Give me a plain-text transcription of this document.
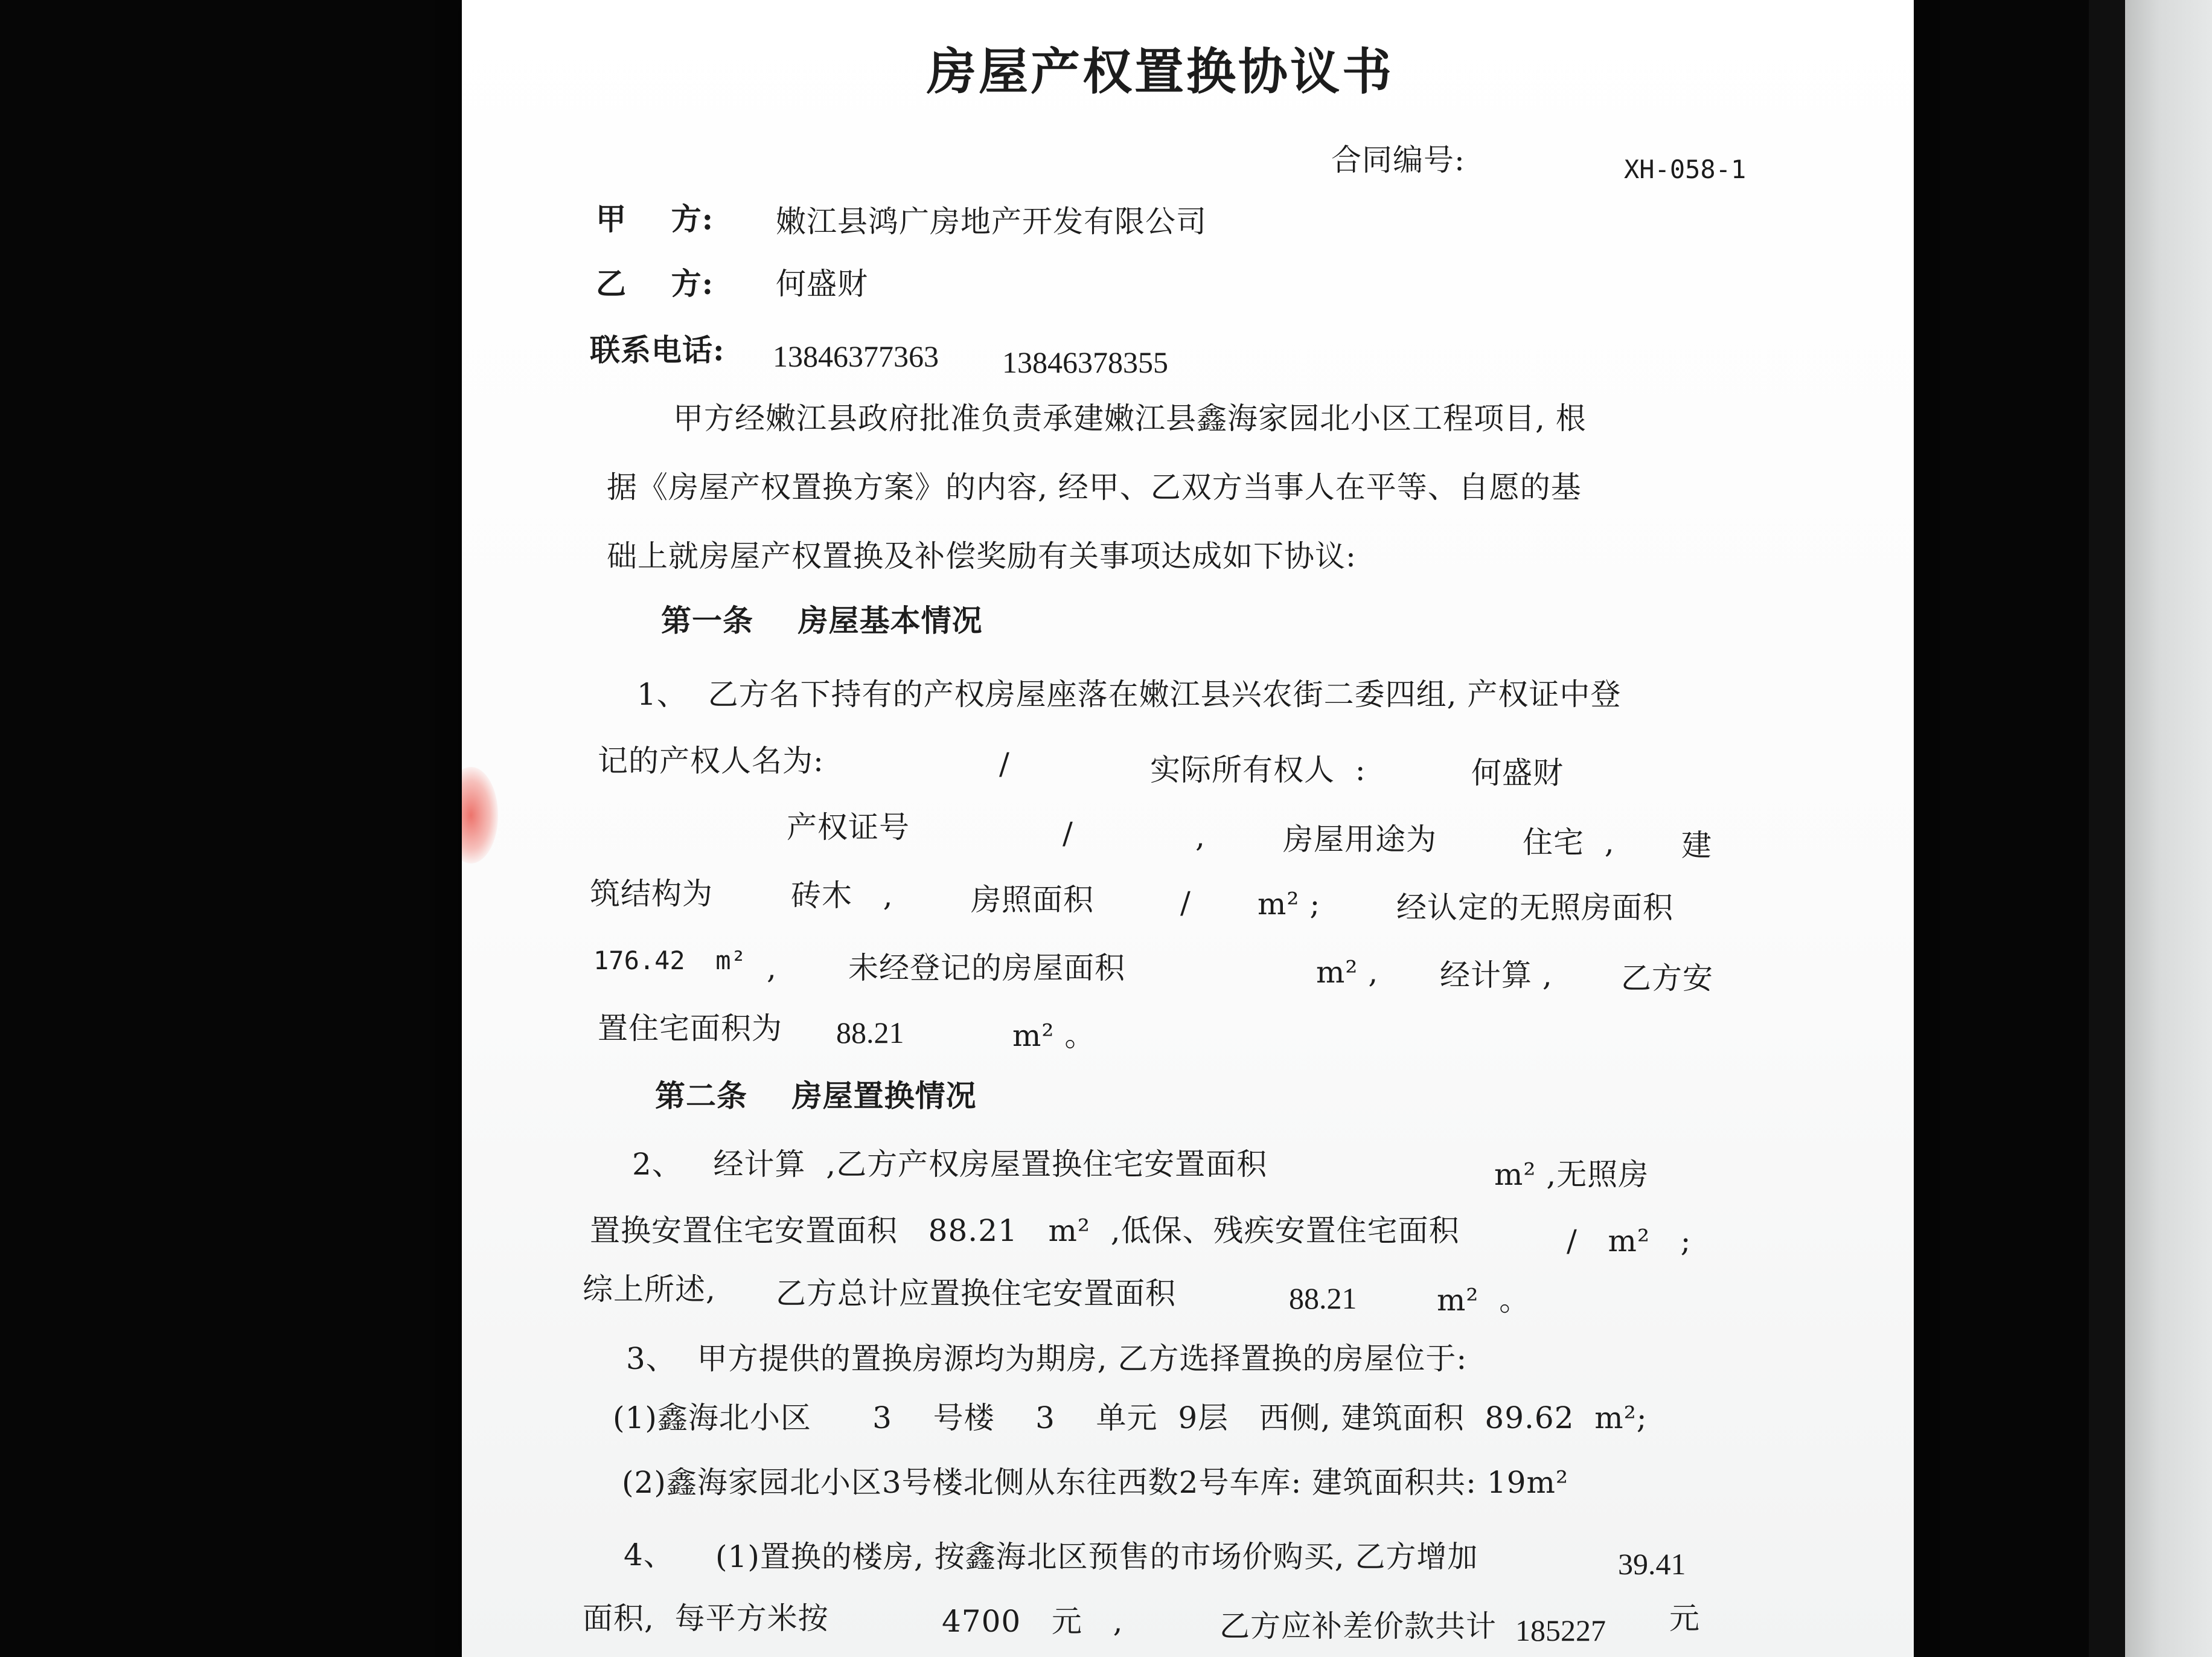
房屋产权置换协议书
合同编号:	XH-058-1
甲    方: 嫩江县鸿广房地产开发有限公司
乙    方: 何盛财
联系电话: 13846377363 13846378355
甲方经嫩江县政府批准负责承建嫩江县鑫海家园北小区工程项目, 根
据《房屋产权置换方案》的内容, 经甲、乙双方当事人在平等、自愿的基
础上就房屋产权置换及补偿奖励有关事项达成如下协议:
第一条    房屋基本情况
1、  乙方名下持有的产权房屋座落在嫩江县兴农街二委四组, 产权证中登
记的产权人名为:	/	实际所有权人  :	何盛财
产权证号	/	,	房屋用途为	住宅  , 建
筑结构为	砖木   ,	房照面积	/ m² ;	经认定的无照房面积
176.42  m² , 未经登记的房屋面积	m² , 经计算 , 乙方安
置住宅面积为 88.21	m² 。
第二条    房屋置换情况
2、   经计算  ,乙方产权房屋置换住宅安置面积	m² ,无照房
置换安置住宅安置面积   88.21   m²  ,低保、残疾安置住宅面积	/   m²   ;
综上所述, 乙方总计应置换住宅安置面积	88.21	m²  。
3、  甲方提供的置换房源均为期房, 乙方选择置换的房屋位于:
(1)鑫海北小区      3    号楼    3    单元  9层   西侧, 建筑面积  89.62  m²;
(2)鑫海家园北小区3号楼北侧从东往西数2号车库: 建筑面积共: 19m²
4、 (1)置换的楼房, 按鑫海北区预售的市场价购买, 乙方增加	39.41
面积,  每平方米按	4700   元   ,	乙方应补差价款共计 185227 元
